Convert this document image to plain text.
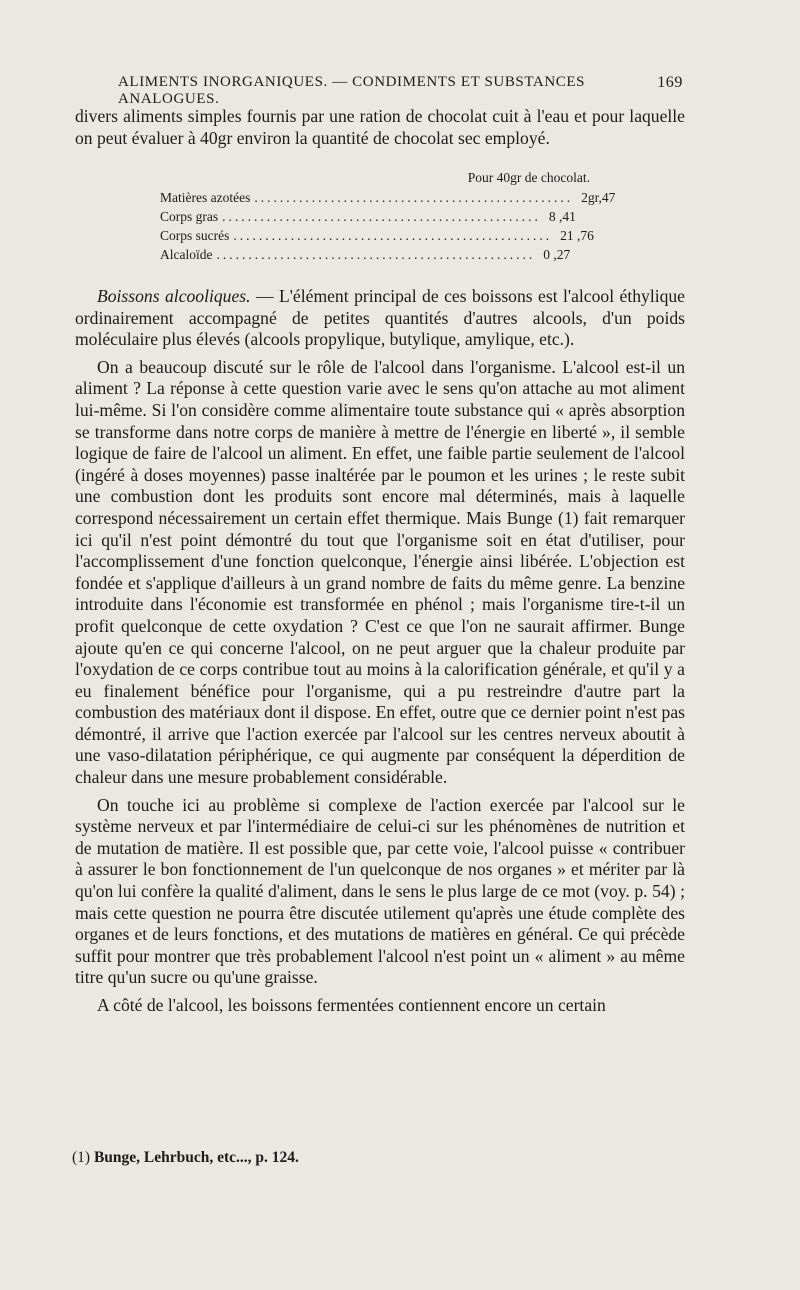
ALIMENTS INORGANIQUES. — CONDIMENTS ET SUBSTANCES ANALOGUES.
169

divers aliments simples fournis par une ration de chocolat cuit à l'eau et pour laquelle on peut évaluer à 40gr environ la quantité de chocolat sec employé.

Pour 40gr de chocolat.
Matières azotées .................................................. 2gr,47
Corps gras .................................................. 8 ,41
Corps sucrés .................................................. 21 ,76
Alcaloïde .................................................. 0 ,27

Boissons alcooliques. — L'élément principal de ces boissons est l'alcool éthylique ordinairement accompagné de petites quantités d'autres alcools, d'un poids moléculaire plus élevés (alcools propylique, butylique, amylique, etc.).

On a beaucoup discuté sur le rôle de l'alcool dans l'organisme. L'alcool est-il un aliment ? La réponse à cette question varie avec le sens qu'on attache au mot aliment lui-même. Si l'on considère comme alimentaire toute substance qui « après absorption se transforme dans notre corps de manière à mettre de l'énergie en liberté », il semble logique de faire de l'alcool un aliment. En effet, une faible partie seulement de l'alcool (ingéré à doses moyennes) passe inaltérée par le poumon et les urines ; le reste subit une combustion dont les produits sont encore mal déterminés, mais à laquelle correspond nécessairement un certain effet thermique. Mais Bunge (1) fait remarquer ici qu'il n'est point démontré du tout que l'organisme soit en état d'utiliser, pour l'accomplissement d'une fonction quelconque, l'énergie ainsi libérée. L'objection est fondée et s'applique d'ailleurs à un grand nombre de faits du même genre. La benzine introduite dans l'économie est transformée en phénol ; mais l'organisme tire-t-il un profit quelconque de cette oxydation ? C'est ce que l'on ne saurait affirmer. Bunge ajoute qu'en ce qui concerne l'alcool, on ne peut arguer que la chaleur produite par l'oxydation de ce corps contribue tout au moins à la calorification générale, et qu'il y a eu finalement bénéfice pour l'organisme, qui a pu restreindre d'autre part la combustion des matériaux dont il dispose. En effet, outre que ce dernier point n'est pas démontré, il arrive que l'action exercée par l'alcool sur les centres nerveux aboutit à une vaso-dilatation périphérique, ce qui augmente par conséquent la déperdition de chaleur dans une mesure probablement considérable.

On touche ici au problème si complexe de l'action exercée par l'alcool sur le système nerveux et par l'intermédiaire de celui-ci sur les phénomènes de nutrition et de mutation de matière. Il est possible que, par cette voie, l'alcool puisse « contribuer à assurer le bon fonctionnement de l'un quelconque de nos organes » et mériter par là qu'on lui confère la qualité d'aliment, dans le sens le plus large de ce mot (voy. p. 54) ; mais cette question ne pourra être discutée utilement qu'après une étude complète des organes et de leurs fonctions, et des mutations de matières en général. Ce qui précède suffit pour montrer que très probablement l'alcool n'est point un « aliment » au même titre qu'un sucre ou qu'une graisse.

A côté de l'alcool, les boissons fermentées contiennent encore un certain

(1) Bunge, Lehrbuch, etc..., p. 124.
